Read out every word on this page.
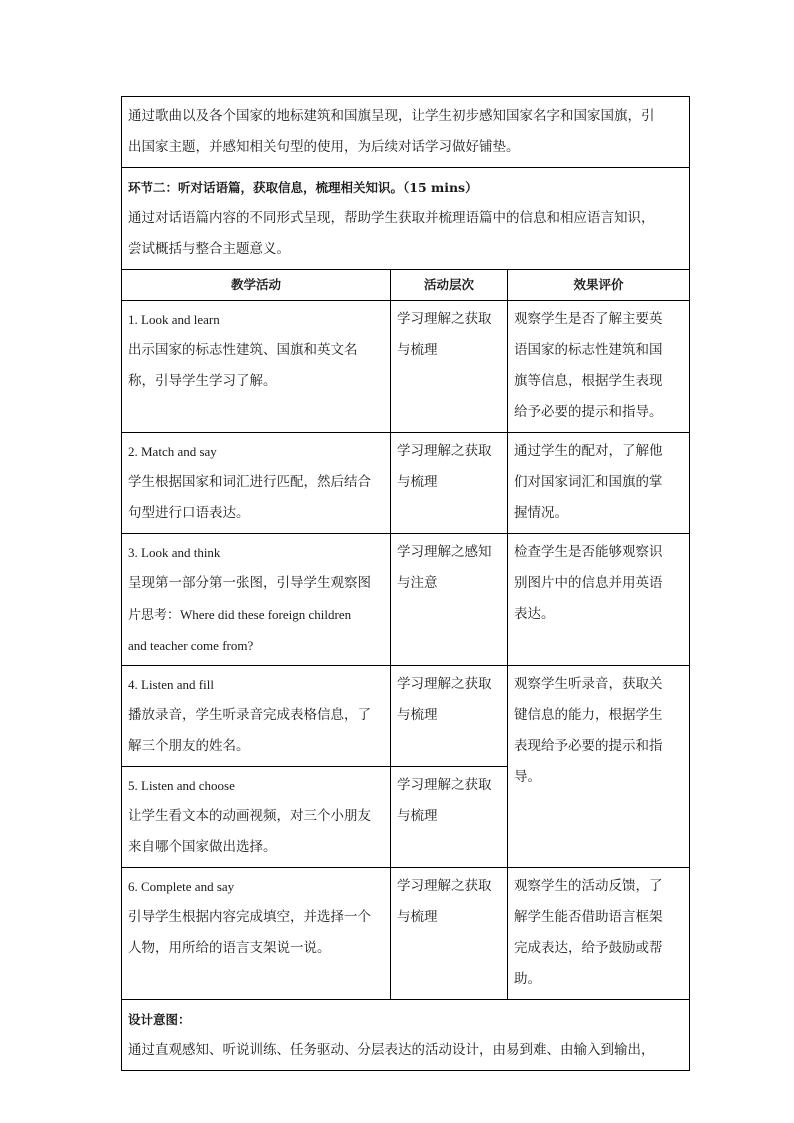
通过歌曲以及各个国家的地标建筑和国旗呈现，让学生初步感知国家名字和国家国旗，引
出国家主题，并感知相关句型的使用，为后续对话学习做好铺垫。		

环节二：听对话语篇，获取信息，梳理相关知识。（15 mins）
通过对话语篇内容的不同形式呈现，帮助学生获取并梳理语篇中的信息和相应语言知识，
尝试概括与整合主题意义。		

教学活动	活动层次	效果评价

1. Look and learn
出示国家的标志性建筑、国旗和英文名
称，引导学生学习了解。	学习理解之获取
与梳理	观察学生是否了解主要英
语国家的标志性建筑和国
旗等信息，根据学生表现
给予必要的提示和指导。

2. Match and say
学生根据国家和词汇进行匹配，然后结合
句型进行口语表达。	学习理解之获取
与梳理	通过学生的配对，了解他
们对国家词汇和国旗的掌
握情况。

3. Look and think
呈现第一部分第一张图，引导学生观察图
片思考：Where did these foreign children
and teacher come from?	学习理解之感知
与注意	检查学生是否能够观察识
别图片中的信息并用英语
表达。

4. Listen and fill
播放录音，学生听录音完成表格信息，了
解三个朋友的姓名。	学习理解之获取
与梳理	观察学生听录音，获取关
键信息的能力，根据学生
表现给予必要的提示和指
导。

5. Listen and choose
让学生看文本的动画视频，对三个小朋友
来自哪个国家做出选择。	学习理解之获取
与梳理	

6. Complete and say
引导学生根据内容完成填空，并选择一个
人物，用所给的语言支架说一说。	学习理解之获取
与梳理	观察学生的活动反馈，了
解学生能否借助语言框架
完成表达，给予鼓励或帮
助。

设计意图：
通过直观感知、听说训练、任务驱动、分层表达的活动设计，由易到难、由输入到输出，		
